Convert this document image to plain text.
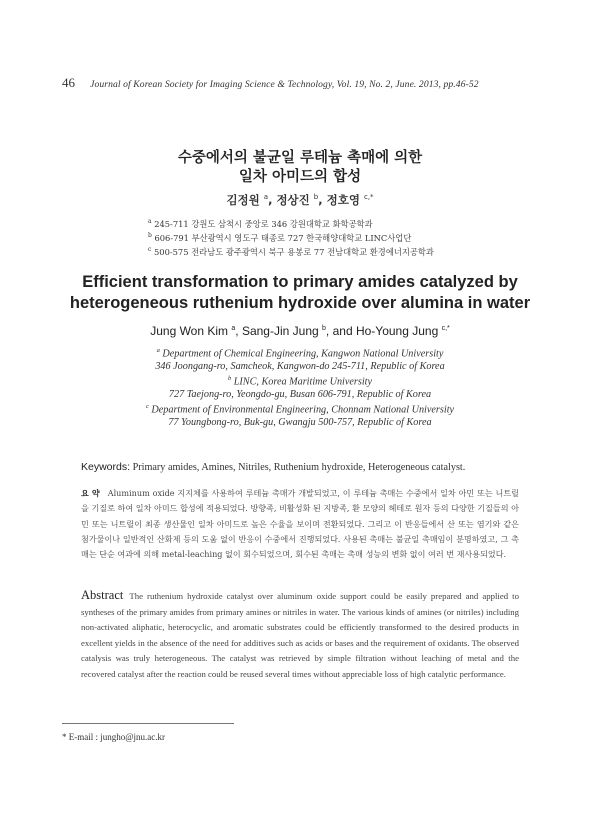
46 Journal of Korean Society for Imaging Science & Technology, Vol. 19, No. 2, June. 2013, pp.46-52
수중에서의 불균일 루테늄 촉매에 의한
일차 아미드의 합성
김정원 $^a$, 정상진 $^b$, 정호영 $^{c,*}$
$^a$ 245-711 강원도 삼척시 중앙로 346 강원대학교 화학공학과
$^b$ 606-791 부산광역시 영도구 태종로 727 한국해양대학교 LINC사업단
$^c$ 500-575 전라남도 광주광역시 북구 용봉로 77 전남대학교 환경에너지공학과
Efficient transformation to primary amides catalyzed by
heterogeneous ruthenium hydroxide over alumina in water
Jung Won Kim $^a$, Sang-Jin Jung $^b$, and Ho-Young Jung $^{c,*}$
$^a$ Department of Chemical Engineering, Kangwon National University
346 Joongang-ro, Samcheok, Kangwon-do 245-711, Republic of Korea
$^b$ LINC, Korea Maritime University
727 Taejong-ro, Yeongdo-gu, Busan 606-791, Republic of Korea
$^c$ Department of Environmental Engineering, Chonnam National University
77 Youngbong-ro, Buk-gu, Gwangju 500-757, Republic of Korea
Keywords: Primary amides, Amines, Nitriles, Ruthenium hydroxide, Heterogeneous catalyst.

요 약 Aluminum oxide 지지체를 사용하여 루테늄 촉매가 개발되었고, 이 루테늄 촉매는 수중에서 일차 아민 또는 니트릴을 기질로 하여 일차 아미드 합성에 적용되었다. 방향족, 비활성화 된 지방족, 환 모양의 헤테로 원자 등의 다양한 기질들의 아민 또는 니트릴이 최종 생산물인 일차 아미드로 높은 수율을 보이며 전환되었다. 그리고 이 반응들에서 산 또는 염기와 같은 첨가물이나 일반적인 산화제 등의 도움 없이 반응이 수중에서 진행되었다. 사용된 촉매는 불균일 촉매임이 분명하였고, 그 촉매는 단순 여과에 의해 metal-leaching 없이 회수되었으며, 회수된 촉매는 촉매 성능의 변화 없이 여러 번 재사용되었다.

Abstract The ruthenium hydroxide catalyst over aluminum oxide support could be easily prepared and applied to syntheses of the primary amides from primary amines or nitriles in water. The various kinds of amines (or nitriles) including non-activated aliphatic, heterocyclic, and aromatic substrates could be efficiently transformed to the desired products in excellent yields in the absence of the need for additives such as acids or bases and the requirement of oxidants. The observed catalysis was truly heterogeneous. The catalyst was retrieved by simple filtration without leaching of metal and the recovered catalyst after the reaction could be reused several times without appreciable loss of high catalytic performance.

* E-mail : jungho@jnu.ac.kr
